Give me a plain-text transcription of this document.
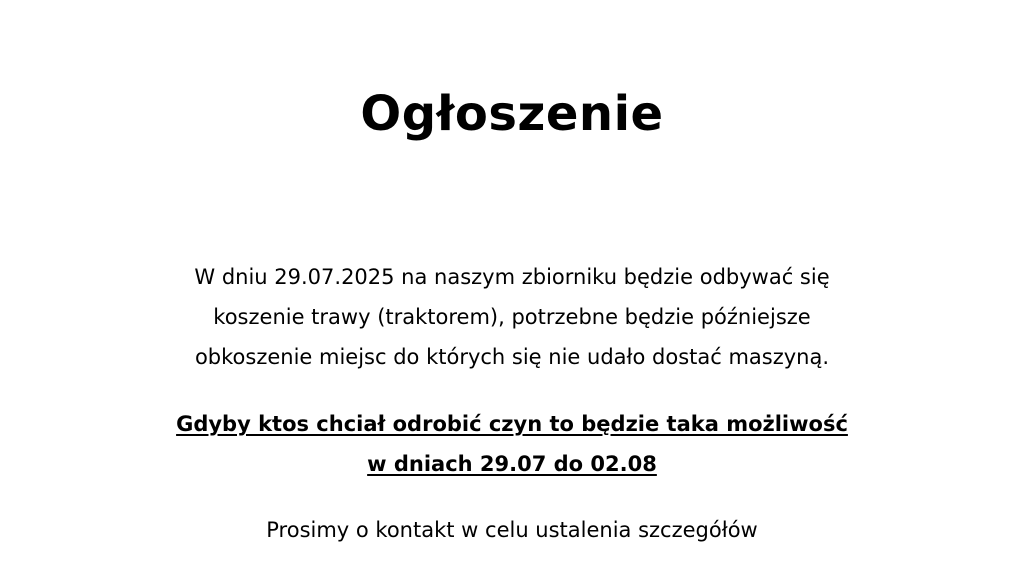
Ogłoszenie

W dniu 29.07.2025 na naszym zbiorniku będzie odbywać się
koszenie trawy (traktorem), potrzebne będzie późniejsze
obkoszenie miejsc do których się nie udało dostać maszyną.

Gdyby ktos chciał odrobić czyn to będzie taka możliwość
w dniach 29.07 do 02.08

Prosimy o kontakt w celu ustalenia szczegółów
